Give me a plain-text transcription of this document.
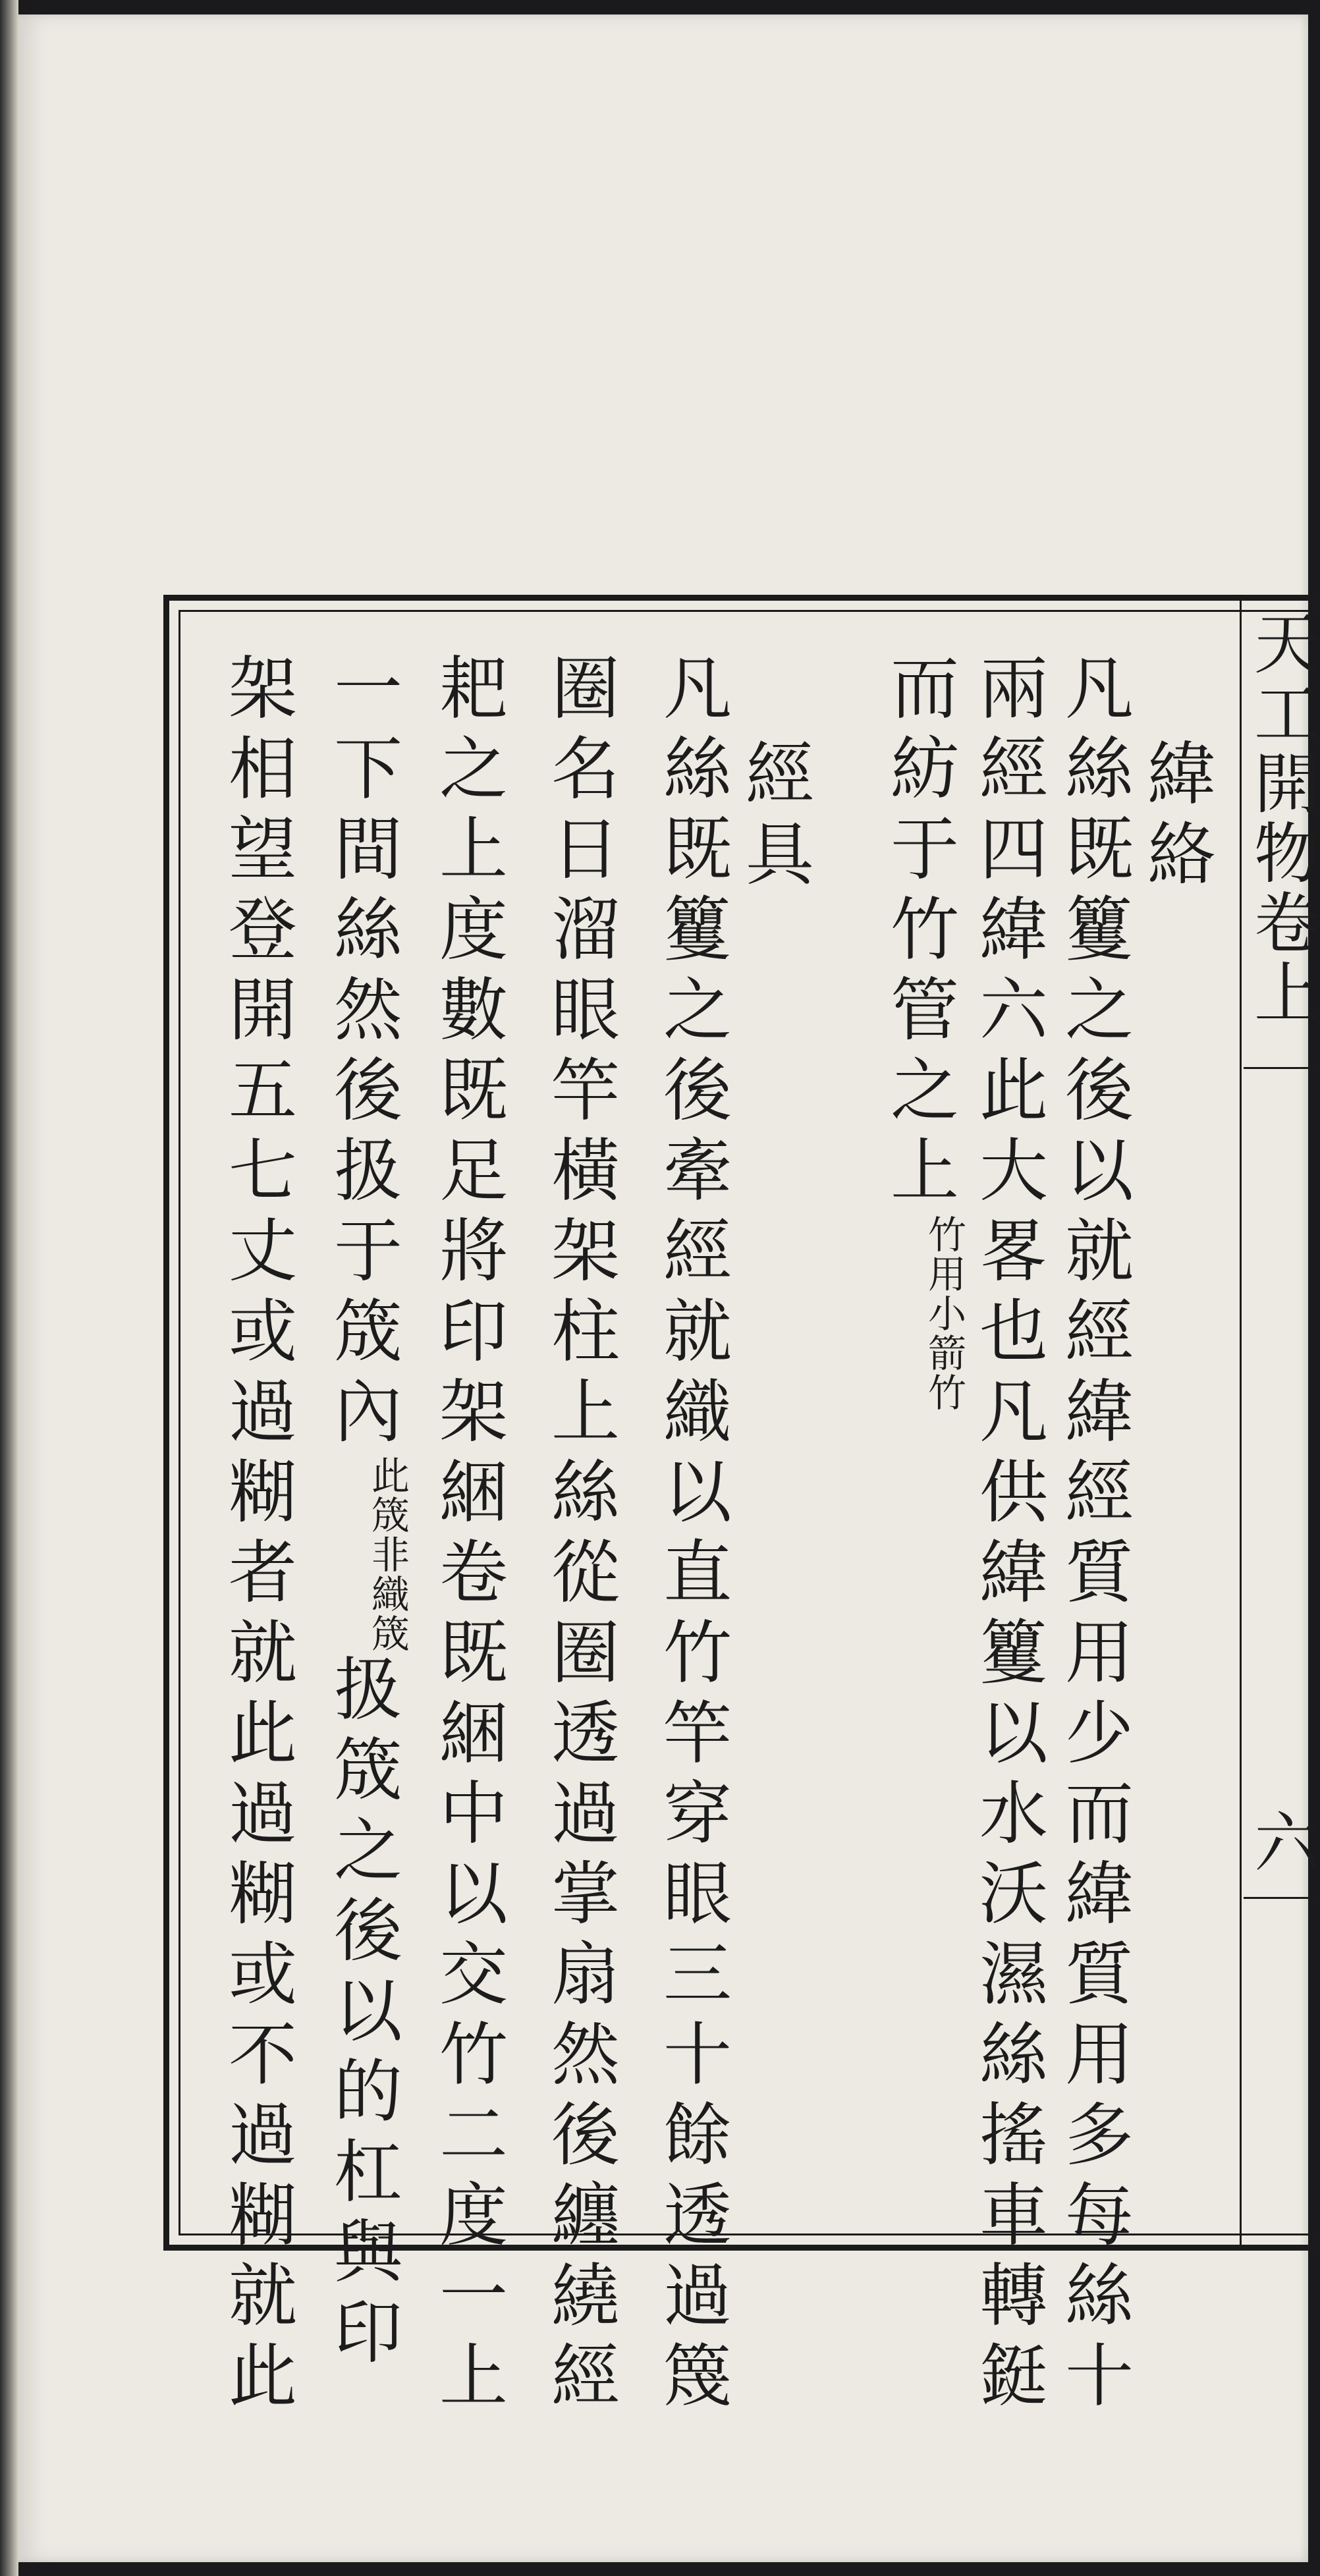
天工開物卷上
六
緯絡
凡絲既籰之後以就經緯經質用少而緯質用多每絲十
兩經四緯六此大畧也凡供緯籰以水沃濕絲搖車轉鋌
而紡于竹管之上竹用小箭竹
經具
凡絲既籰之後牽經就織以直竹竿穿眼三十餘透過篾
圈名日溜眼竿橫架柱上絲從圈透過掌扇然後纏繞經
耙之上度數既足將印架綑卷既綑中以交竹二度一上
一下間絲然後扱于筬內此筬非織筬扱筬之後以的杠與印
架相望登開五七丈或過糊者就此過糊或不過糊就此
